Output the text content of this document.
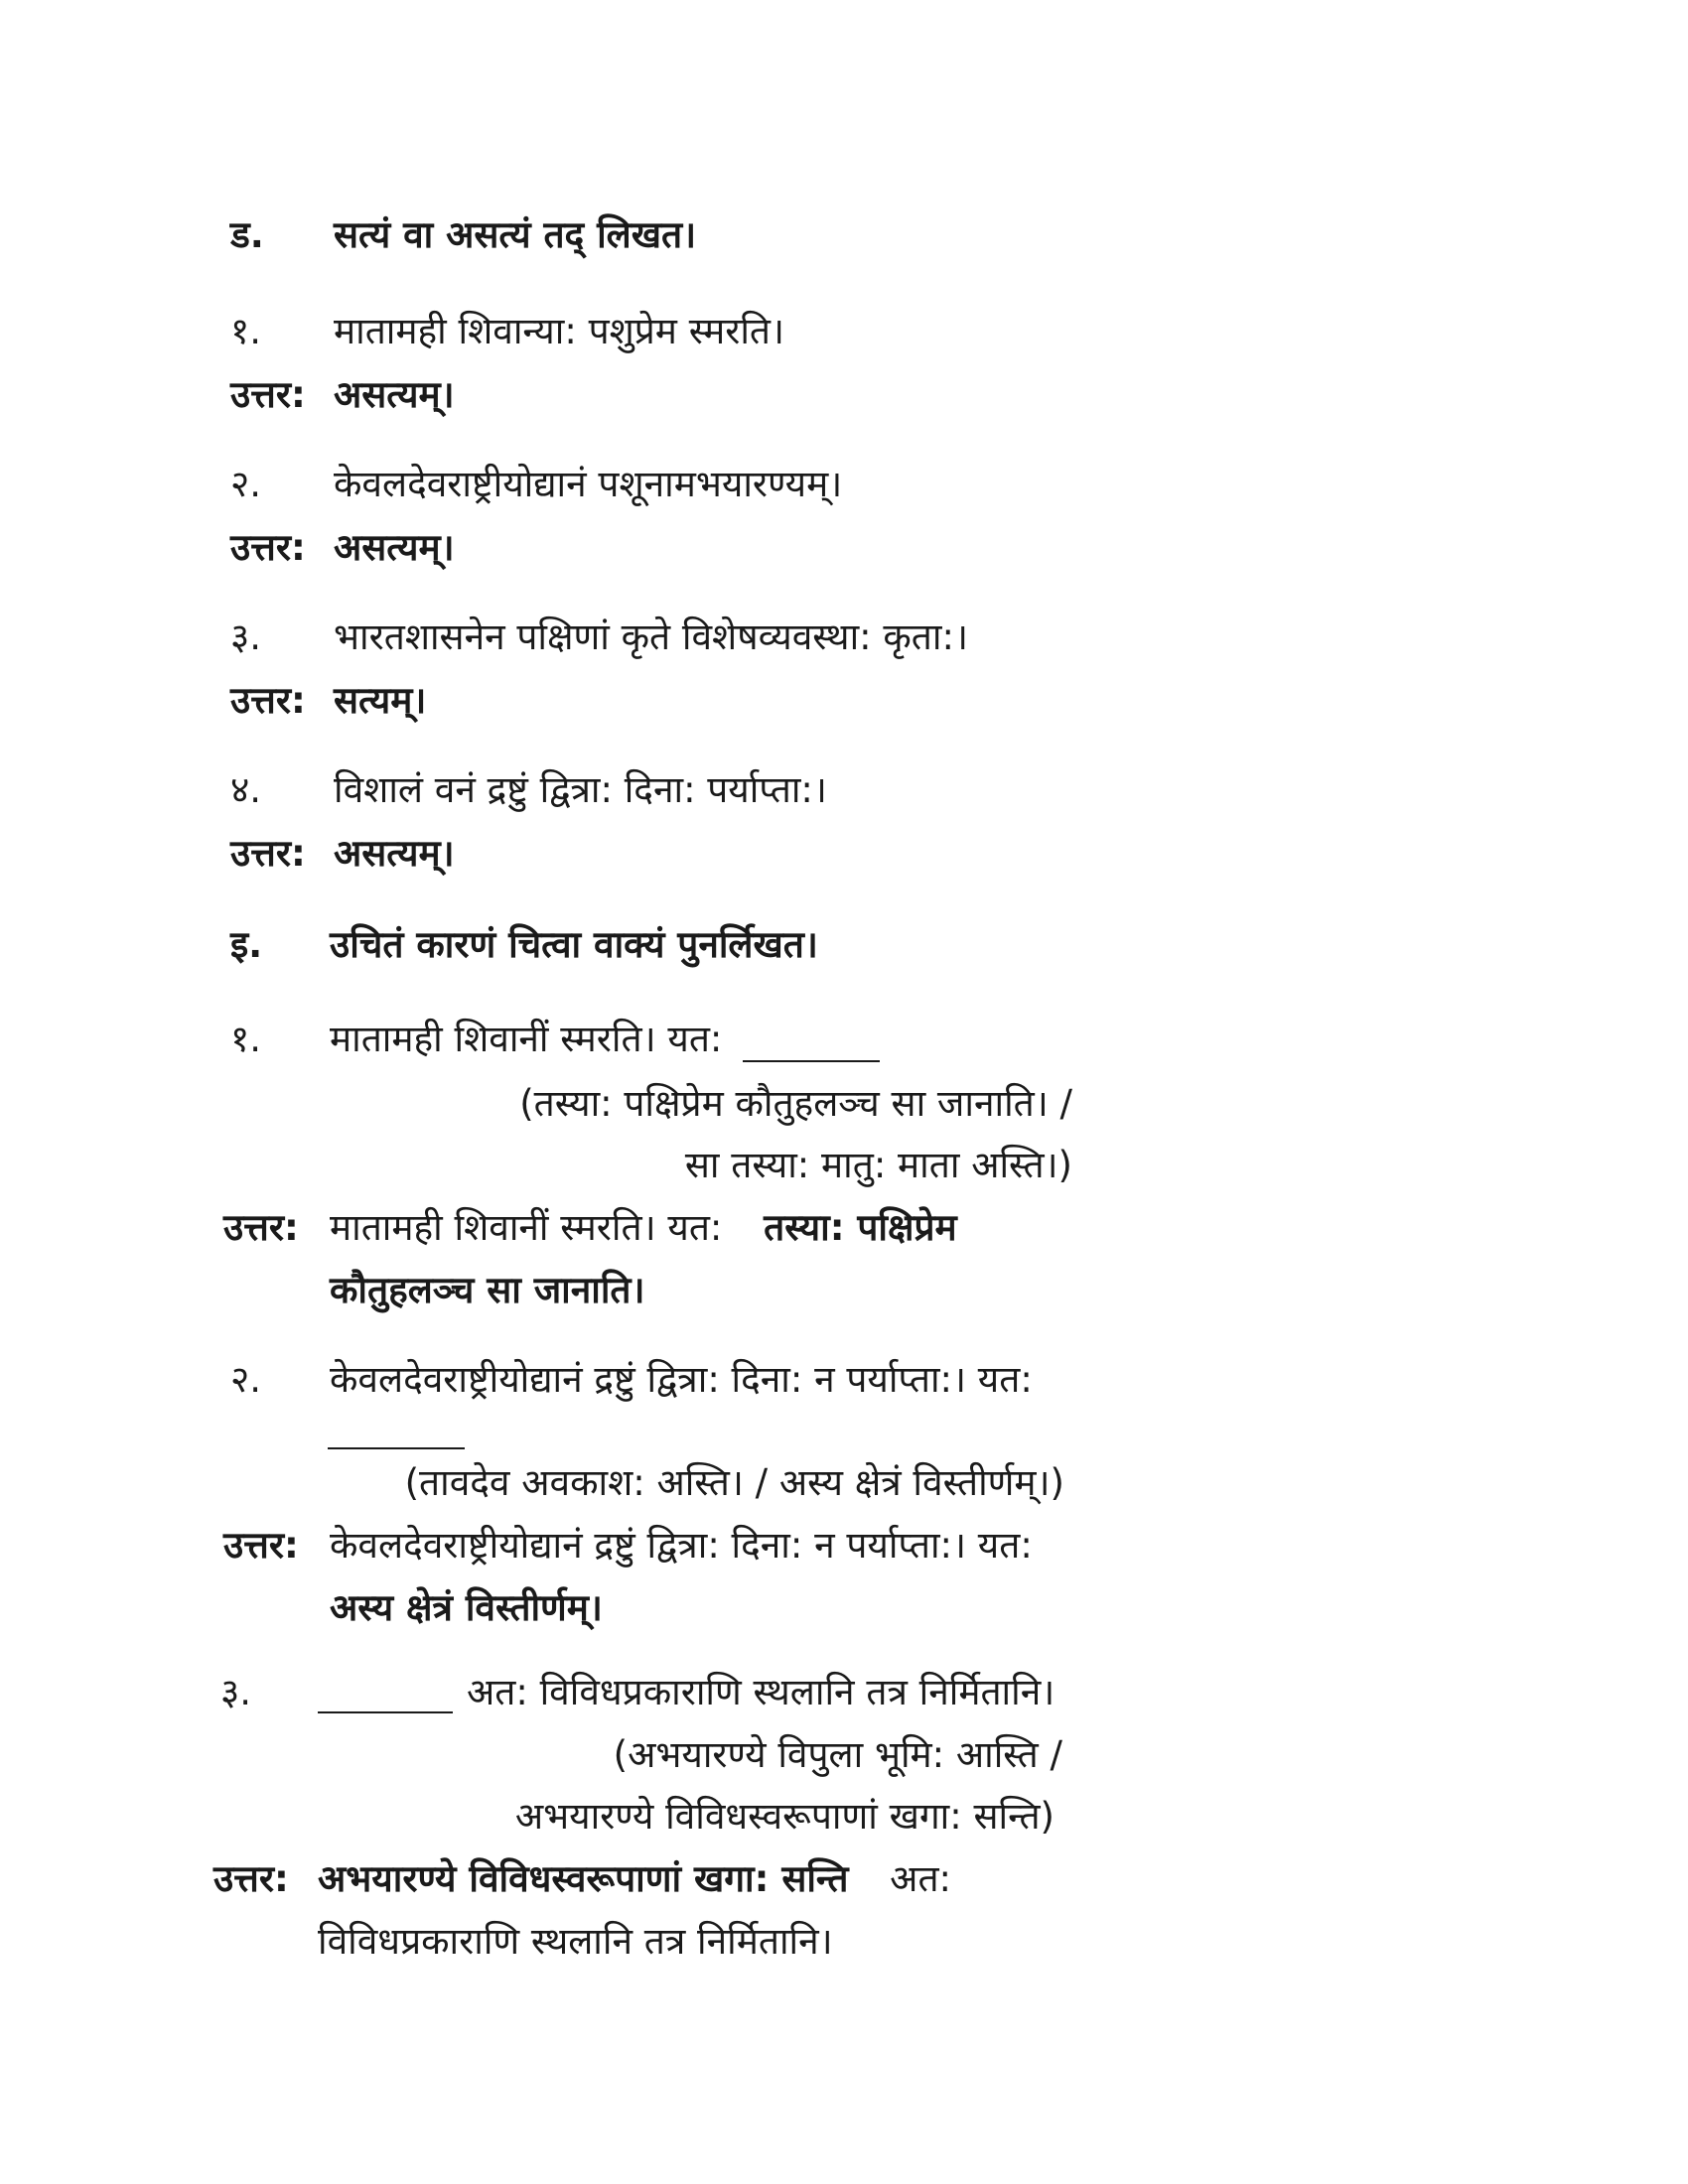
ड. सत्यं वा असत्यं तद् लिखत।
१. मातामही शिवान्या: पशुप्रेम स्मरति।
उत्तर: असत्यम्।
२. केवलदेवराष्ट्रीयोद्यानं पशूनामभयारण्यम्।
उत्तर: असत्यम्।
३. भारतशासनेन पक्षिणां कृते विशेषव्यवस्था: कृता:।
उत्तर: सत्यम्।
४. विशालं वनं द्रष्टुं द्वित्रा: दिना: पर्याप्ता:।
उत्तर: असत्यम्।
इ. उचितं कारणं चित्वा वाक्यं पुनर्लिखत।
१. मातामही शिवानीं स्मरति। यत:
(तस्या: पक्षिप्रेम कौतुहलञ्च सा जानाति। /
सा तस्या: मातु: माता अस्ति।)
उत्तर: मातामही शिवानीं स्मरति। यत: तस्या: पक्षिप्रेम
कौतुहलञ्च सा जानाति।
२. केवलदेवराष्ट्रीयोद्यानं द्रष्टुं द्वित्रा: दिना: न पर्याप्ता:। यत:
(तावदेव अवकाश: अस्ति। / अस्य क्षेत्रं विस्तीर्णम्।)
उत्तर: केवलदेवराष्ट्रीयोद्यानं द्रष्टुं द्वित्रा: दिना: न पर्याप्ता:। यत:
अस्य क्षेत्रं विस्तीर्णम्।
३.	अत: विविधप्रकाराणि स्थलानि तत्र निर्मितानि।
(अभयारण्ये विपुला भूमि: आस्ति /
अभयारण्ये विविधस्वरूपाणां खगा: सन्ति)
उत्तर: अभयारण्ये विविधस्वरूपाणां खगा: सन्ति अत:
विविधप्रकाराणि स्थलानि तत्र निर्मितानि।
